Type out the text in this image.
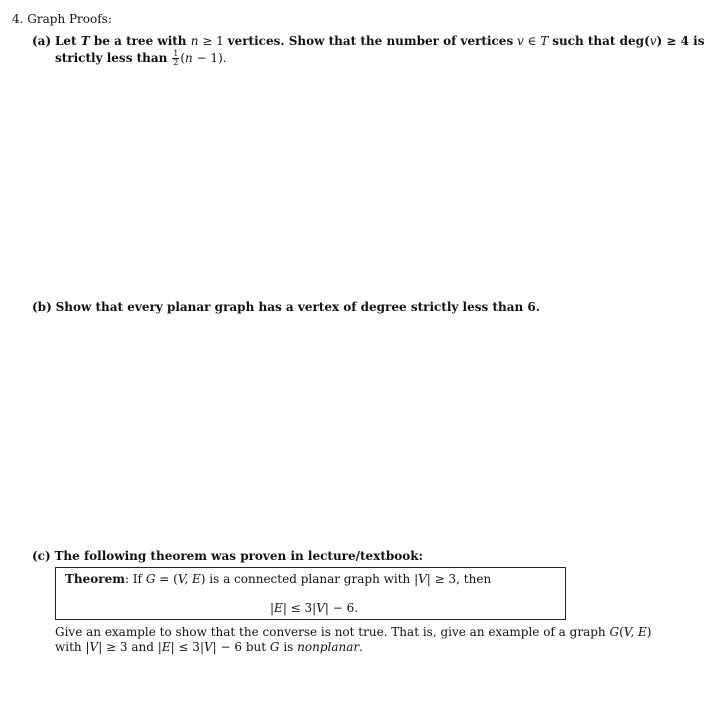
4. Graph Proofs:
(a) Let T be a tree with n ≥ 1 vertices. Show that the number of vertices v ∈ T such that deg(v) ≥ 4 is
strictly less than $\frac{1}{2} (n - 1)$.
(b) Show that every planar graph has a vertex of degree strictly less than 6.
(c) The following theorem was proven in lecture/textbook:
Theorem: If G = (V, E) is a connected planar graph with |V| ≥ 3, then
|E| ≤ 3|V| − 6.
Give an example to show that the converse is not true. That is, give an example of a graph G(V, E)
with |V| ≥ 3 and |E| ≤ 3|V| − 6 but G is nonplanar.
